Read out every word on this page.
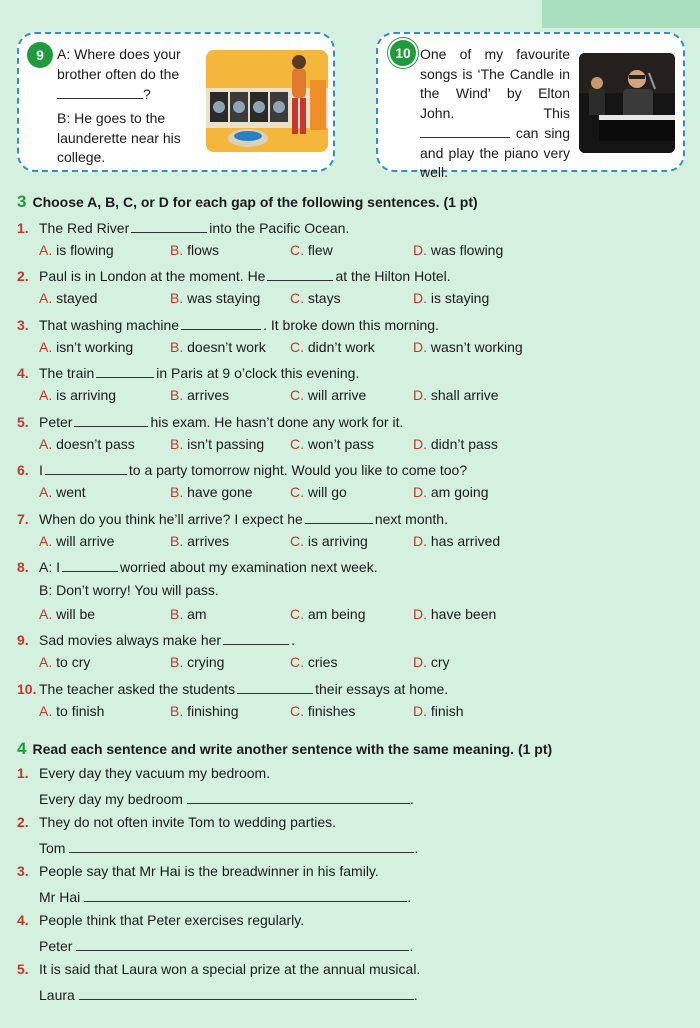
9 A: Where does your brother often do the ?
B: He goes to the launderette near his college.
10 One of my favourite songs is ‘The Candle in the Wind’ by Elton John. This  can sing and play the piano very well.
3 Choose A, B, C, or D for each gap of the following sentences. (1 pt)
1. The Red River	into the Pacific Ocean.
A. is flowing	B. flows	C. flew	D. was flowing
2. Paul is in London at the moment. He	at the Hilton Hotel.
A. stayed	B. was staying C. stays	D. is staying
3. That washing machine	. It broke down this morning.
A. isn’t working	B. doesn’t work C. didn’t work	D. wasn’t working
4. The train	in Paris at 9 o’clock this evening.
A. is arriving	B. arrives	C. will arrive	D. shall arrive
5. Peter	his exam. He hasn’t done any work for it.
A. doesn’t pass	B. isn’t passing C. won’t pass	D. didn’t pass
6. I	to a party tomorrow night. Would you like to come too?
A. went	B. have gone	C. will go	D. am going
7. When do you think he’ll arrive? I expect he	next month.
A. will arrive	B. arrives	C. is arriving	D. has arrived
8. A: I	worried about my examination next week.
A. will be	B. am	C. am being	D. have been
9. Sad movies always make her	.
A. to cry	B. crying	C. cries	D. cry
10. The teacher asked the students	their essays at home.
A. to finish	B. finishing	C. finishes	D. finish
B: Don’t worry! You will pass.
4 Read each sentence and write another sentence with the same meaning. (1 pt)
1. Every day they vacuum my bedroom.
Every day my bedroom	.
2. They do not often invite Tom to wedding parties.
Tom	.
3. People say that Mr Hai is the breadwinner in his family.
Mr Hai	.
4. People think that Peter exercises regularly.
Peter	.
5. It is said that Laura won a special prize at the annual musical.
Laura	.
